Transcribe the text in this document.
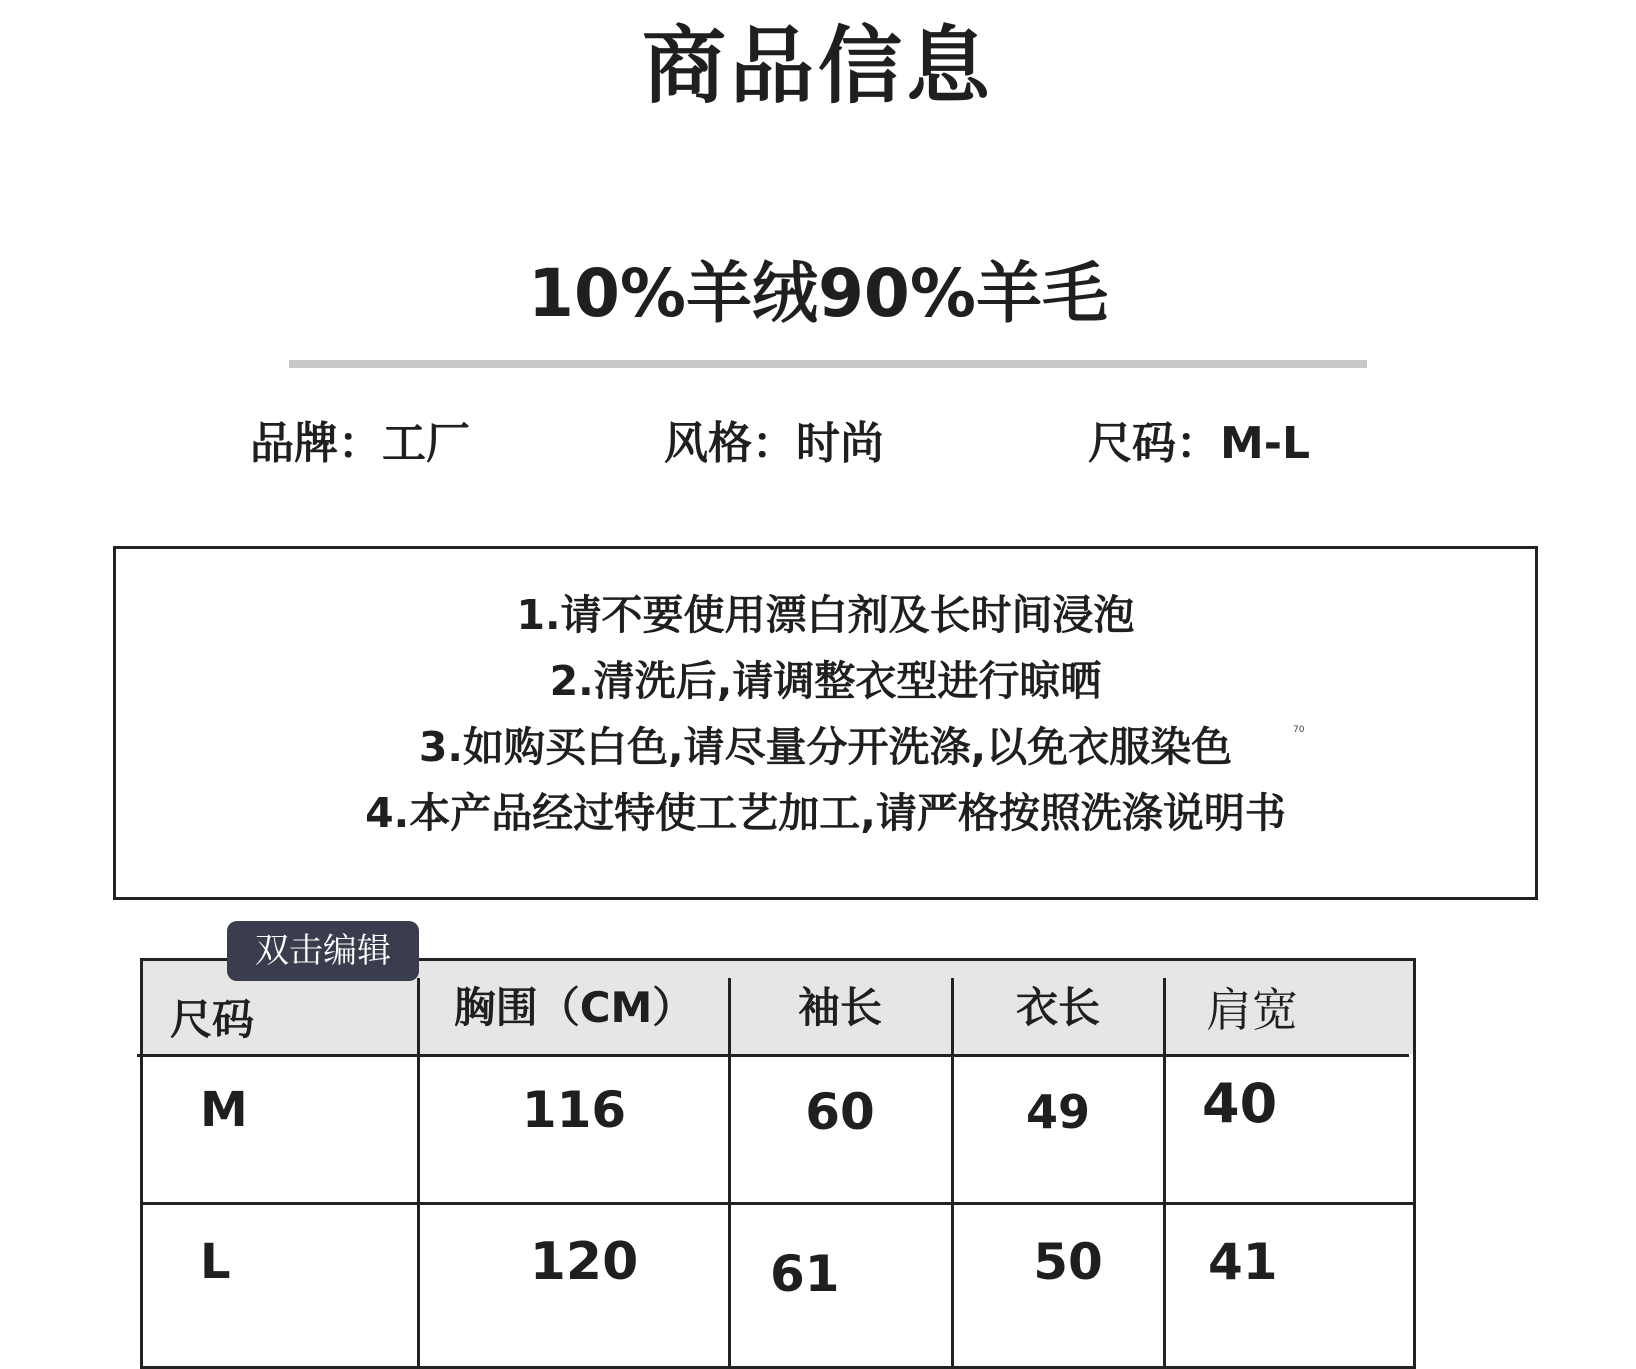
商品信息
10%羊绒90%羊毛
品牌：工厂	风格：时尚	尺码：M-L
1.请不要使用漂白剂及长时间浸泡
2.清洗后,请调整衣型进行晾晒
3.如购买白色,请尽量分开洗涤,以免衣服染色
4.本产品经过特使工艺加工,请严格按照洗涤说明书
70
双击编辑
尺码	胸围（CM）	袖长	衣长	肩宽
M	116	60	49	40
L	120	61	50	41
